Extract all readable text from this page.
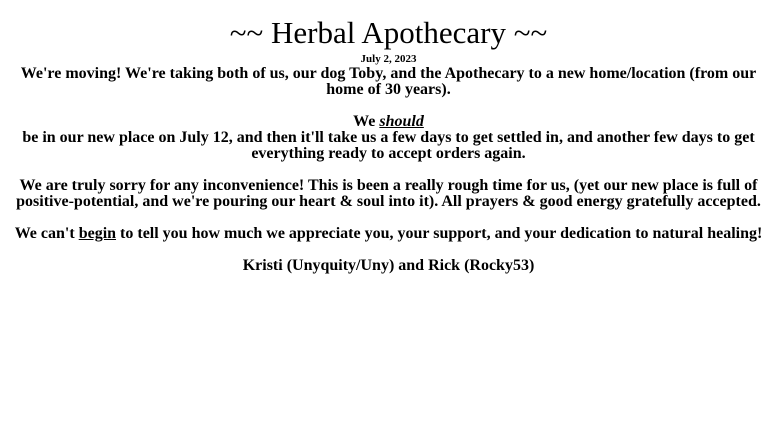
~~ Herbal Apothecary ~~
July 2, 2023

We're moving! We're taking both of us, our dog Toby, and the Apothecary to a new home/location (from our home of 30 years).

We should

be in our new place on July 12, and then it'll take us a few days to get settled in, and another few days to get everything ready to accept orders again.

We are truly sorry for any inconvenience! This is been a really rough time for us, (yet our new place is full of positive-potential, and we're pouring our heart & soul into it). All prayers & good energy gratefully accepted.

We can't begin to tell you how much we appreciate you, your support, and your dedication to natural healing!

Kristi (Unyquity/Uny) and Rick (Rocky53)
